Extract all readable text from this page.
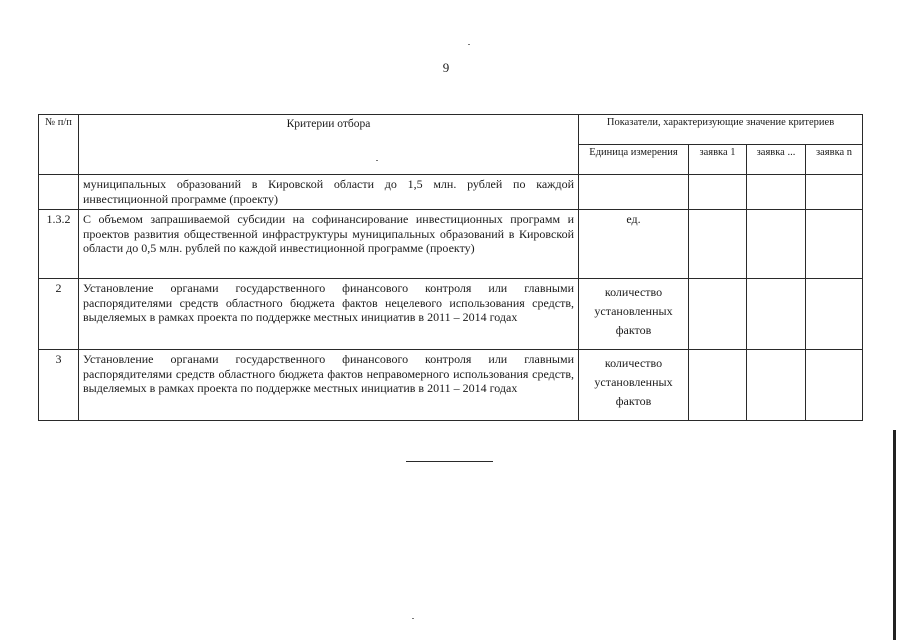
9
№ п/п	Критерии отбора	Показатели, характеризующие значение критериев			
		Единица измерения	заявка 1	заявка ...	заявка n
	муниципальных образований в Кировской области до 1,5 млн. рублей по каждой инвестиционной программе (проекту)				
1.3.2	С объемом запрашиваемой субсидии на софинансирование инвестиционных программ и проектов развития общественной инфраструктуры муниципальных образований в Кировской области до 0,5 млн. рублей по каждой инвестиционной программе (проекту)	ед.			
2	Установление органами государственного финансового контроля или главными распорядителями средств областного бюджета фактов нецелевого использования средств, выделяемых в рамках проекта по поддержке местных инициатив в 2011 – 2014 годах	количество установленных фактов			
3	Установление органами государственного финансового контроля или главными распорядителями средств областного бюджета фактов неправомерного использования средств, выделяемых в рамках проекта по поддержке местных инициатив в 2011 – 2014 годах	количество установленных фактов			
